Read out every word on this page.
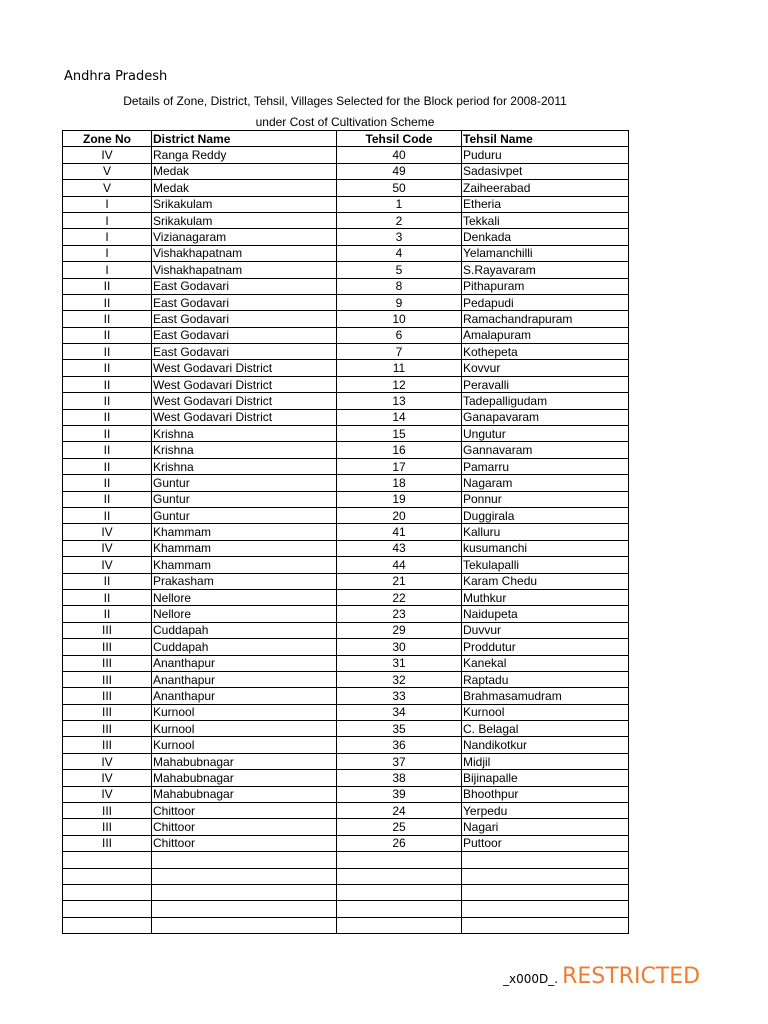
Andhra Pradesh
Details of Zone, District, Tehsil, Villages Selected for the Block period for 2008-2011
under Cost of Cultivation Scheme
Zone No	District Name	Tehsil Code	Tehsil Name
IV	Ranga Reddy	40	Puduru
V	Medak	49	Sadasivpet
V	Medak	50	Zaiheerabad
I	Srikakulam	1	Etheria
I	Srikakulam	2	Tekkali
I	Vizianagaram	3	Denkada
I	Vishakhapatnam	4	Yelamanchilli
I	Vishakhapatnam	5	S.Rayavaram
II	East Godavari	8	Pithapuram
II	East Godavari	9	Pedapudi
II	East Godavari	10	Ramachandrapuram
II	East Godavari	6	Amalapuram
II	East Godavari	7	Kothepeta
II	West Godavari District	11	Kovvur
II	West Godavari District	12	Peravalli
II	West Godavari District	13	Tadepalligudam
II	West Godavari District	14	Ganapavaram
II	Krishna	15	Ungutur
II	Krishna	16	Gannavaram
II	Krishna	17	Pamarru
II	Guntur	18	Nagaram
II	Guntur	19	Ponnur
II	Guntur	20	Duggirala
IV	Khammam	41	Kalluru
IV	Khammam	43	kusumanchi
IV	Khammam	44	Tekulapalli
II	Prakasham	21	Karam Chedu
II	Nellore	22	Muthkur
II	Nellore	23	Naidupeta
III	Cuddapah	29	Duvvur
III	Cuddapah	30	Proddutur
III	Ananthapur	31	Kanekal
III	Ananthapur	32	Raptadu
III	Ananthapur	33	Brahmasamudram
III	Kurnool	34	Kurnool
III	Kurnool	35	C. Belagal
III	Kurnool	36	Nandikotkur
IV	Mahabubnagar	37	Midjil
IV	Mahabubnagar	38	Bijinapalle
IV	Mahabubnagar	39	Bhoothpur
III	Chittoor	24	Yerpedu
III	Chittoor	25	Nagari
III	Chittoor	26	Puttoor

_x000D_ . RESTRICTED
